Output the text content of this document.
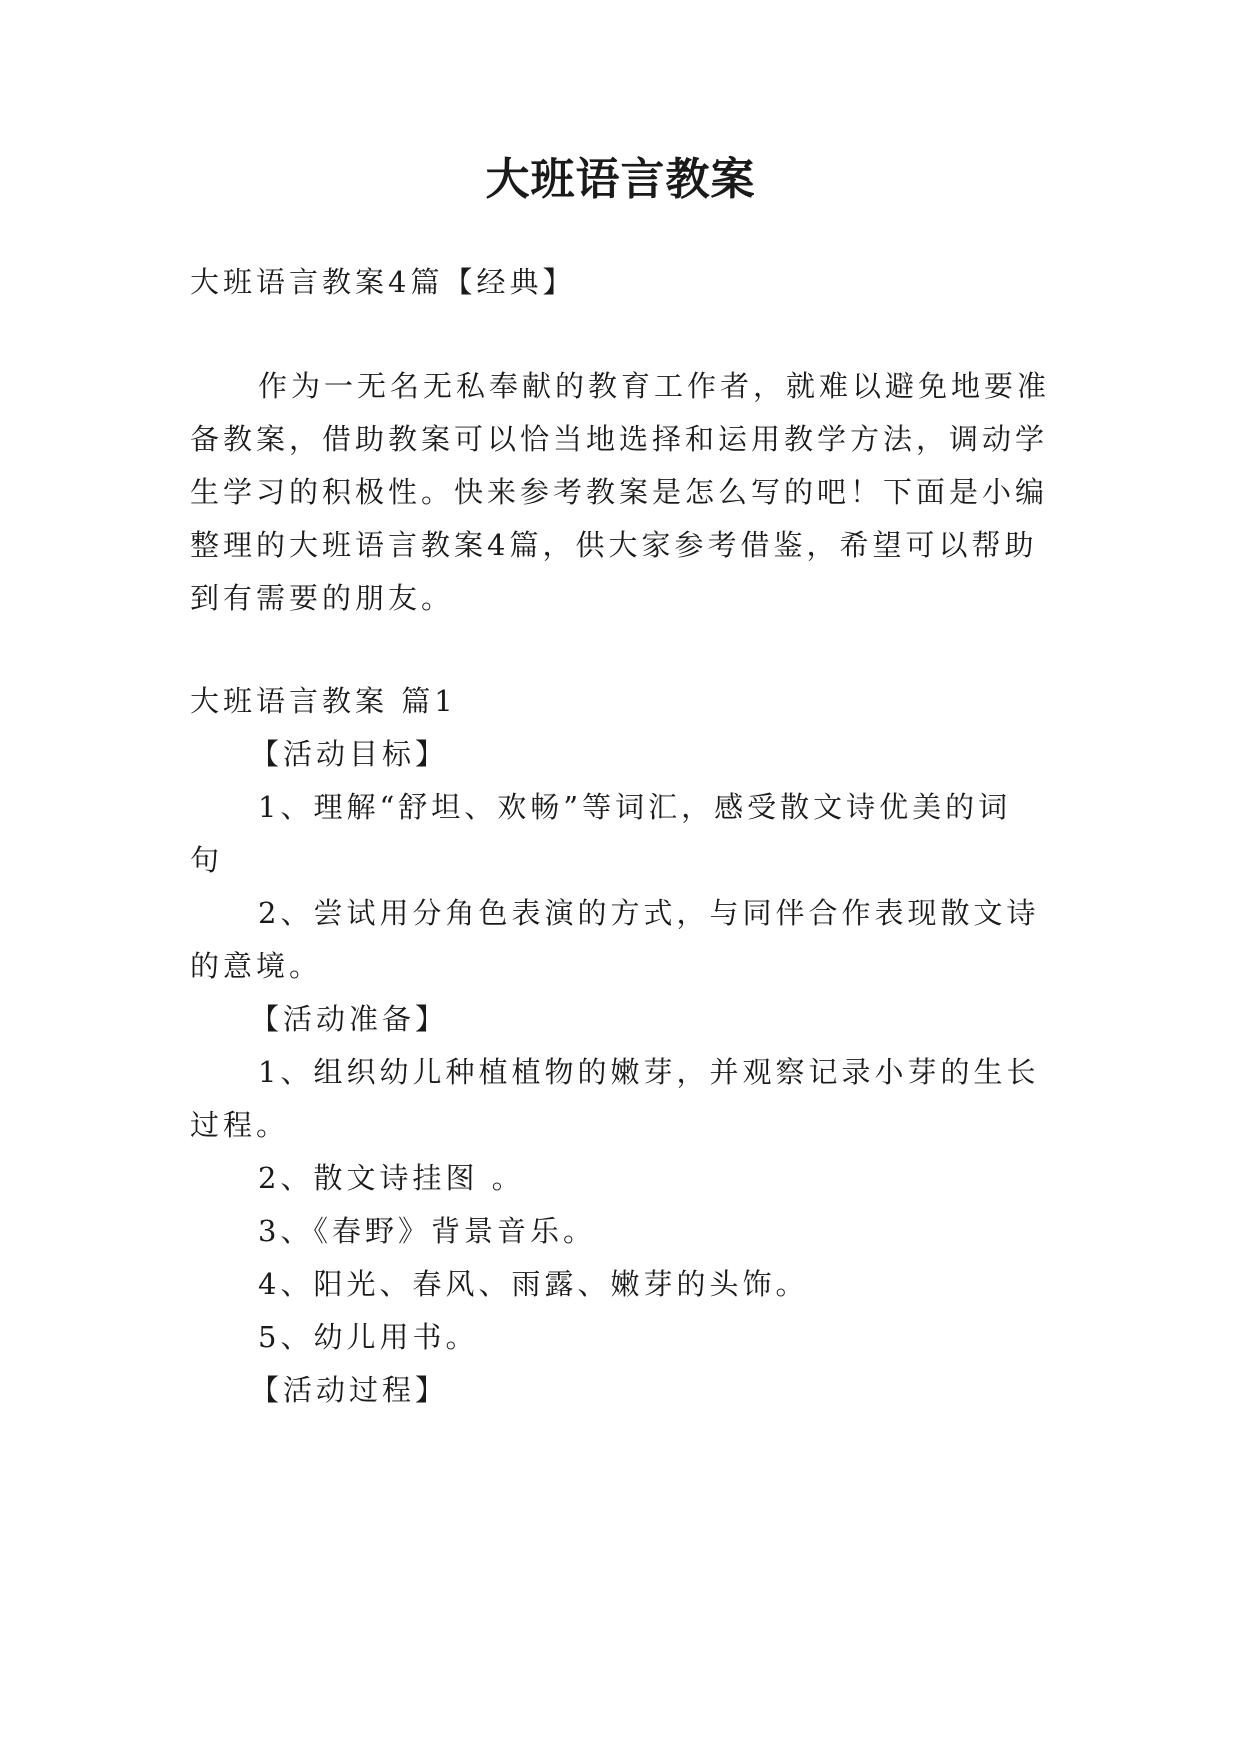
大班语言教案
大班语言教案4篇【经典】
作为一无名无私奉献的教育工作者，就难以避免地要准
备教案，借助教案可以恰当地选择和运用教学方法，调动学
生学习的积极性。快来参考教案是怎么写的吧！下面是小编
整理的大班语言教案4篇，供大家参考借鉴，希望可以帮助
到有需要的朋友。
大班语言教案 篇1
【活动目标】
1、理解“舒坦、欢畅”等词汇，感受散文诗优美的词
句
2、尝试用分角色表演的方式，与同伴合作表现散文诗
的意境。
【活动准备】
1、组织幼儿种植植物的嫩芽，并观察记录小芽的生长
过程。
2、散文诗挂图 。
3、《春野》背景音乐。
4、阳光、春风、雨露、嫩芽的头饰。
5、幼儿用书。
【活动过程】
